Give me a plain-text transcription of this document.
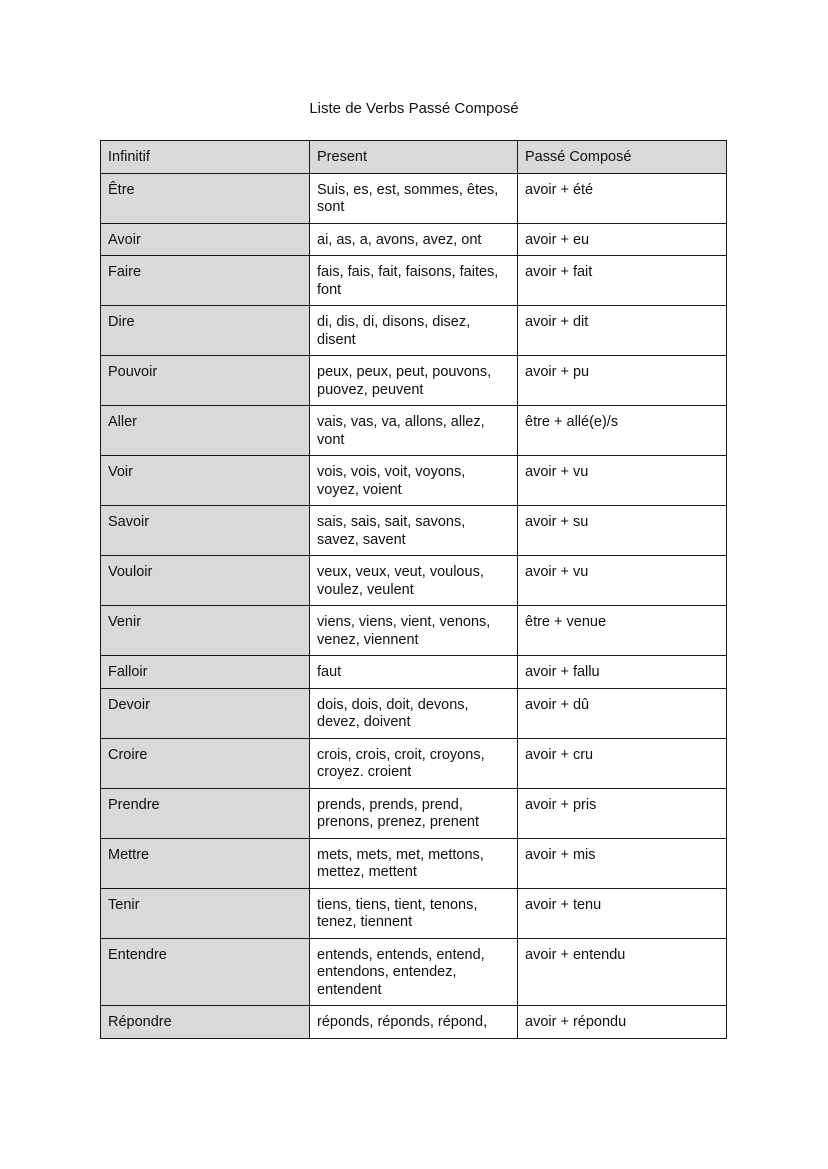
Liste de Verbs Passé Composé
Infinitif	Present	Passé Composé
Être	Suis, es, est, sommes, êtes, sont	avoir + été
Avoir	ai, as, a, avons, avez, ont	avoir + eu
Faire	fais, fais, fait, faisons, faites, font	avoir + fait
Dire	di, dis, di, disons, disez, disent	avoir + dit
Pouvoir	peux, peux, peut, pouvons, puovez, peuvent	avoir + pu
Aller	vais, vas, va, allons, allez, vont	être + allé(e)/s
Voir	vois, vois, voit, voyons, voyez, voient	avoir + vu
Savoir	sais, sais, sait, savons, savez, savent	avoir + su
Vouloir	veux, veux, veut, voulous, voulez, veulent	avoir + vu
Venir	viens, viens, vient, venons, venez, viennent	être + venue
Falloir	faut	avoir + fallu
Devoir	dois, dois, doit, devons, devez, doivent	avoir + dû
Croire	crois, crois, croit, croyons, croyez. croient	avoir + cru
Prendre	prends, prends, prend, prenons, prenez, prenent	avoir + pris
Mettre	mets, mets, met, mettons, mettez, mettent	avoir + mis
Tenir	tiens, tiens, tient, tenons, tenez, tiennent	avoir + tenu
Entendre	entends, entends, entend, entendons, entendez, entendent	avoir + entendu
Répondre	réponds, réponds, répond,	avoir + répondu
